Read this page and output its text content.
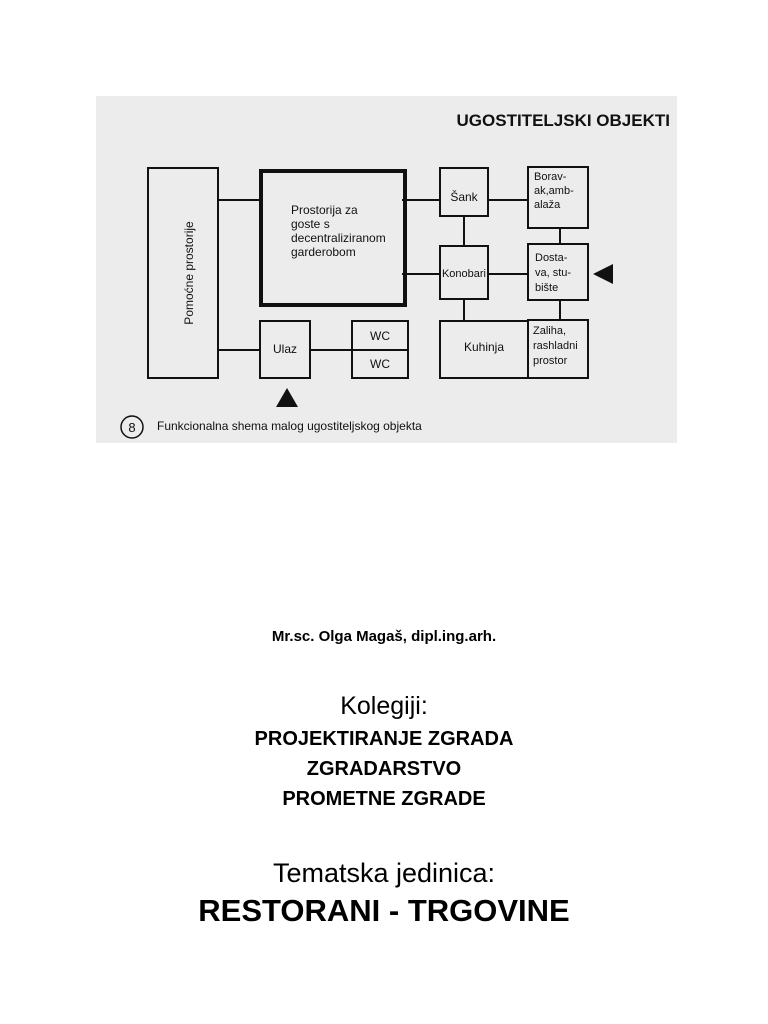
UGOSTITELJSKI OBJEKTI
Pomoćne prostorije
Prostorija za goste s decentraliziranom garderobom
Šank
Borav- ak,amb- alaža
Konobari
Dosta- va, stu- bište
Ulaz
WC
WC
Kuhinja
Zaliha, rashladni prostor
8 Funkcionalna shema malog ugostiteljskog objekta
Mr.sc. Olga Magaš, dipl.ing.arh.
Kolegiji:
PROJEKTIRANJE ZGRADA
ZGRADARSTVO
PROMETNE ZGRADE
Tematska jedinica:
RESTORANI - TRGOVINE
